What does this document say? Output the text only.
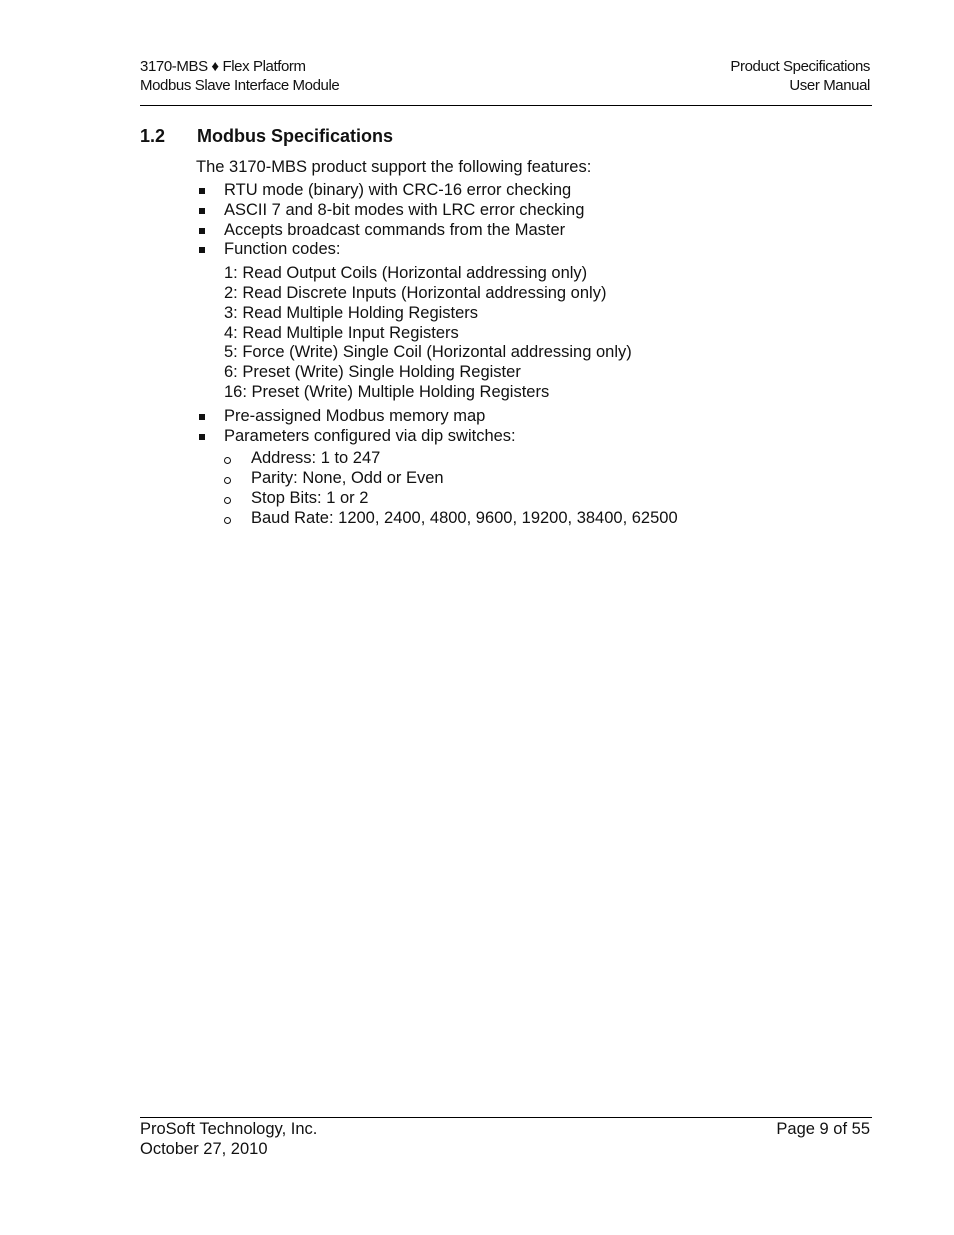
3170-MBS ♦ Flex Platform
Modbus Slave Interface Module
Product Specifications
User Manual
1.2 Modbus Specifications

The 3170-MBS product support the following features:

RTU mode (binary) with CRC-16 error checking
ASCII 7 and 8-bit modes with LRC error checking
Accepts broadcast commands from the Master
Function codes:
1: Read Output Coils (Horizontal addressing only)
2: Read Discrete Inputs (Horizontal addressing only)
3: Read Multiple Holding Registers
4: Read Multiple Input Registers
5: Force (Write) Single Coil (Horizontal addressing only)
6: Preset (Write) Single Holding Register
16: Preset (Write) Multiple Holding Registers
Pre-assigned Modbus memory map
Parameters configured via dip switches:
Address: 1 to 247
Parity: None, Odd or Even
Stop Bits: 1 or 2
Baud Rate: 1200, 2400, 4800, 9600, 19200, 38400, 62500
ProSoft Technology, Inc.
October 27, 2010
Page 9 of 55
